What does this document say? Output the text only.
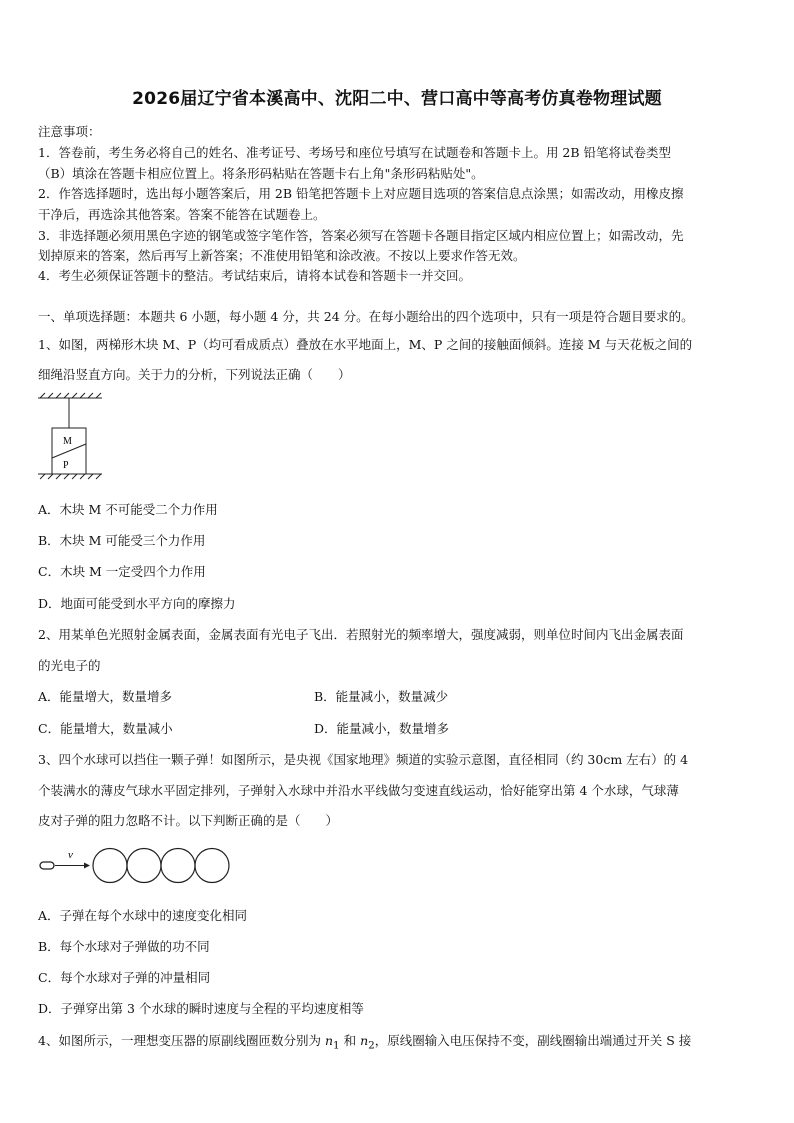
2026届辽宁省本溪高中、沈阳二中、营口高中等高考仿真卷物理试题
注意事项：
1．答卷前，考生务必将自己的姓名、准考证号、考场号和座位号填写在试题卷和答题卡上。用 2B 铅笔将试卷类型
（B）填涂在答题卡相应位置上。将条形码粘贴在答题卡右上角"条形码粘贴处"。
2．作答选择题时，选出每小题答案后，用 2B 铅笔把答题卡上对应题目选项的答案信息点涂黑；如需改动，用橡皮擦
干净后，再选涂其他答案。答案不能答在试题卷上。
3．非选择题必须用黑色字迹的钢笔或签字笔作答，答案必须写在答题卡各题目指定区域内相应位置上；如需改动，先
划掉原来的答案，然后再写上新答案；不准使用铅笔和涂改液。不按以上要求作答无效。
4．考生必须保证答题卡的整洁。考试结束后，请将本试卷和答题卡一并交回。
一、单项选择题：本题共 6 小题，每小题 4 分，共 24 分。在每小题给出的四个选项中，只有一项是符合题目要求的。
1、如图，两梯形木块 M、P（均可看成质点）叠放在水平地面上，M、P 之间的接触面倾斜。连接 M 与天花板之间的
细绳沿竖直方向。关于力的分析，下列说法正确（　　）
M
P
A．木块 M 不可能受二个力作用
B．木块 M 可能受三个力作用
C．木块 M 一定受四个力作用
D．地面可能受到水平方向的摩擦力
2、用某单色光照射金属表面，金属表面有光电子飞出．若照射光的频率增大，强度减弱，则单位时间内飞出金属表面
的光电子的
A．能量增大，数量增多	B．能量减小，数量减少
C．能量增大，数量减小	D．能量减小，数量增多
3、四个水球可以挡住一颗子弹！如图所示，是央视《国家地理》频道的实验示意图，直径相同（约 30cm 左右）的 4
个装满水的薄皮气球水平固定排列，子弹射入水球中并沿水平线做匀变速直线运动，恰好能穿出第 4 个水球，气球薄
皮对子弹的阻力忽略不计。以下判断正确的是（　　）
v
A．子弹在每个水球中的速度变化相同
B．每个水球对子弹做的功不同
C．每个水球对子弹的冲量相同
D．子弹穿出第 3 个水球的瞬时速度与全程的平均速度相等
4、如图所示，一理想变压器的原副线圈匝数分别为 $n_1$ 和 $n_2$，原线圈输入电压保持不变，副线圈输出端通过开关 S 接
